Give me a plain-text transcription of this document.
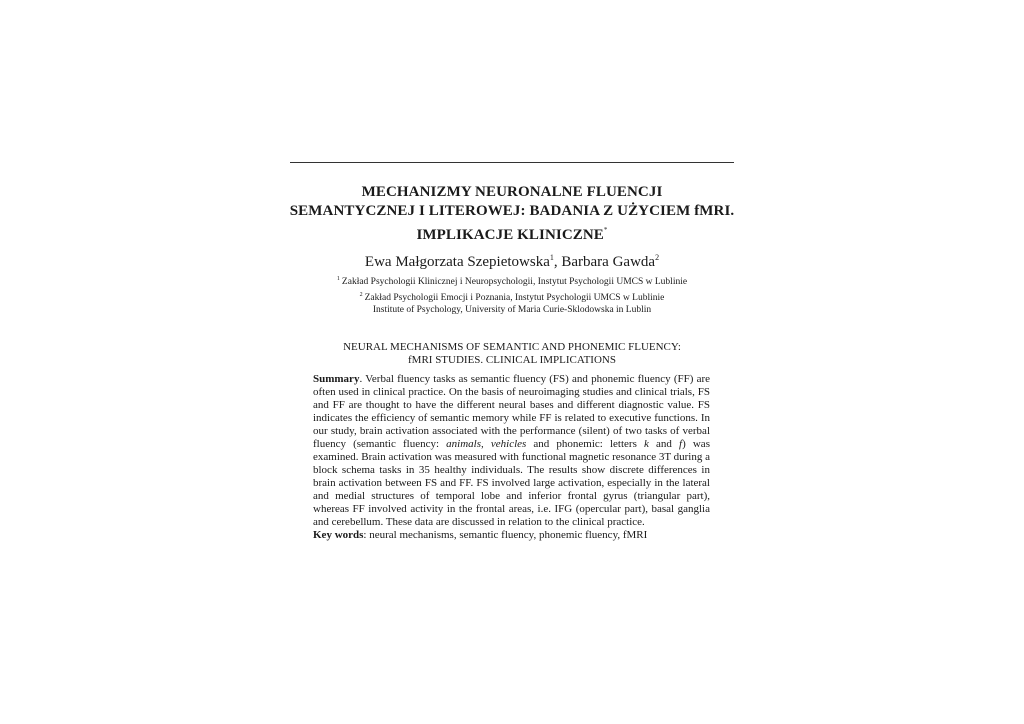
MECHANIZMY NEURONALNE FLUENCJI
SEMANTYCZNEJ I LITEROWEJ: BADANIA Z UŻYCIEM fMRI.
IMPLIKACJE KLINICZNE*
Ewa Małgorzata Szepietowska$^1$, Barbara Gawda$^2$
$^1$ Zakład Psychologii Klinicznej i Neuropsychologii, Instytut Psychologii UMCS w Lublinie
$^2$ Zakład Psychologii Emocji i Poznania, Instytut Psychologii UMCS w Lublinie
Institute of Psychology, University of Maria Curie-Sklodowska in Lublin
NEURAL MECHANISMS OF SEMANTIC AND PHONEMIC FLUENCY:
fMRI STUDIES. CLINICAL IMPLICATIONS

Summary. Verbal fluency tasks as semantic fluency (FS) and phonemic fluency (FF) are often used in clinical practice. On the basis of neuroimaging studies and clinical trials, FS and FF are thought to have the different neural bases and different diagnostic value. FS indicates the efficiency of semantic memory while FF is related to executive functions. In our study, brain activation associated with the performance (silent) of two tasks of verbal fluency (semantic fluency: animals, vehicles and phonemic: letters k and f) was examined. Brain activation was measured with functional magnetic resonance 3T during a block schema tasks in 35 healthy individuals. The results show discrete differences in brain activation between FS and FF. FS involved large activation, especially in the lateral and medial structures of temporal lobe and inferior frontal gyrus (triangular part), whereas FF involved activity in the frontal areas, i.e. IFG (opercular part), basal ganglia and cerebellum. These data are discussed in relation to the clinical practice.

Key words: neural mechanisms, semantic fluency, phonemic fluency, fMRI
